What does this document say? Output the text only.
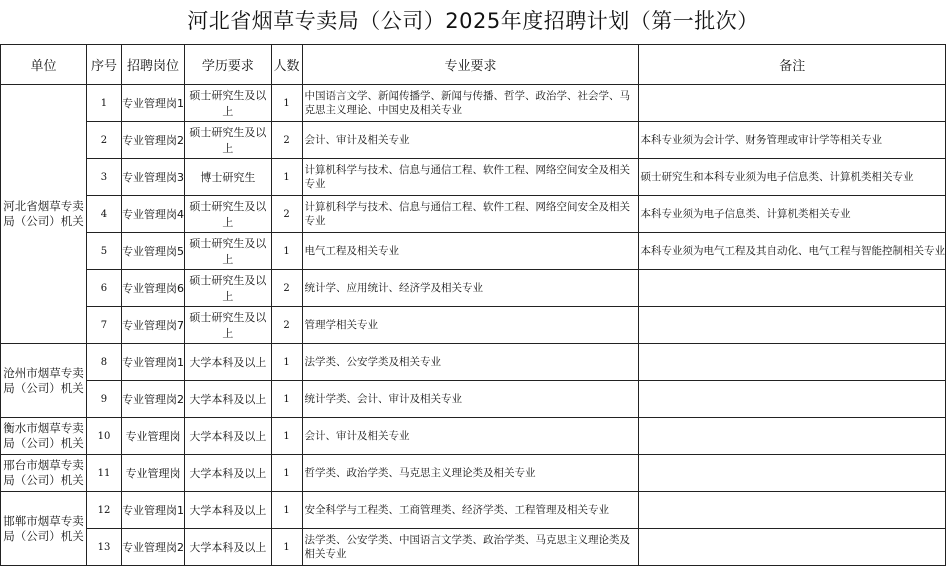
河北省烟草专卖局（公司）2025年度招聘计划（第一批次）
单位	序号	招聘岗位	学历要求	人数	专业要求	备注
河北省烟草专卖局（公司）机关	1	专业管理岗1	硕士研究生及以上	1	中国语言文学、新闻传播学、新闻与传播、哲学、政治学、社会学、马克思主义理论、中国史及相关专业	
	2	专业管理岗2	硕士研究生及以上	2	会计、审计及相关专业	本科专业须为会计学、财务管理或审计学等相关专业
	3	专业管理岗3	博士研究生	1	计算机科学与技术、信息与通信工程、软件工程、网络空间安全及相关专业	硕士研究生和本科专业须为电子信息类、计算机类相关专业
	4	专业管理岗4	硕士研究生及以上	2	计算机科学与技术、信息与通信工程、软件工程、网络空间安全及相关专业	本科专业须为电子信息类、计算机类相关专业
	5	专业管理岗5	硕士研究生及以上	1	电气工程及相关专业	本科专业须为电气工程及其自动化、电气工程与智能控制相关专业
	6	专业管理岗6	硕士研究生及以上	2	统计学、应用统计、经济学及相关专业	
	7	专业管理岗7	硕士研究生及以上	2	管理学相关专业	
沧州市烟草专卖局（公司）机关	8	专业管理岗1	大学本科及以上	1	法学类、公安学类及相关专业	
	9	专业管理岗2	大学本科及以上	1	统计学类、会计、审计及相关专业	
衡水市烟草专卖局（公司）机关	10	专业管理岗	大学本科及以上	1	会计、审计及相关专业	
邢台市烟草专卖局（公司）机关	11	专业管理岗	大学本科及以上	1	哲学类、政治学类、马克思主义理论类及相关专业	
邯郸市烟草专卖局（公司）机关	12	专业管理岗1	大学本科及以上	1	安全科学与工程类、工商管理类、经济学类、工程管理及相关专业	
	13	专业管理岗2	大学本科及以上	1	法学类、公安学类、中国语言文学类、政治学类、马克思主义理论类及相关专业	
